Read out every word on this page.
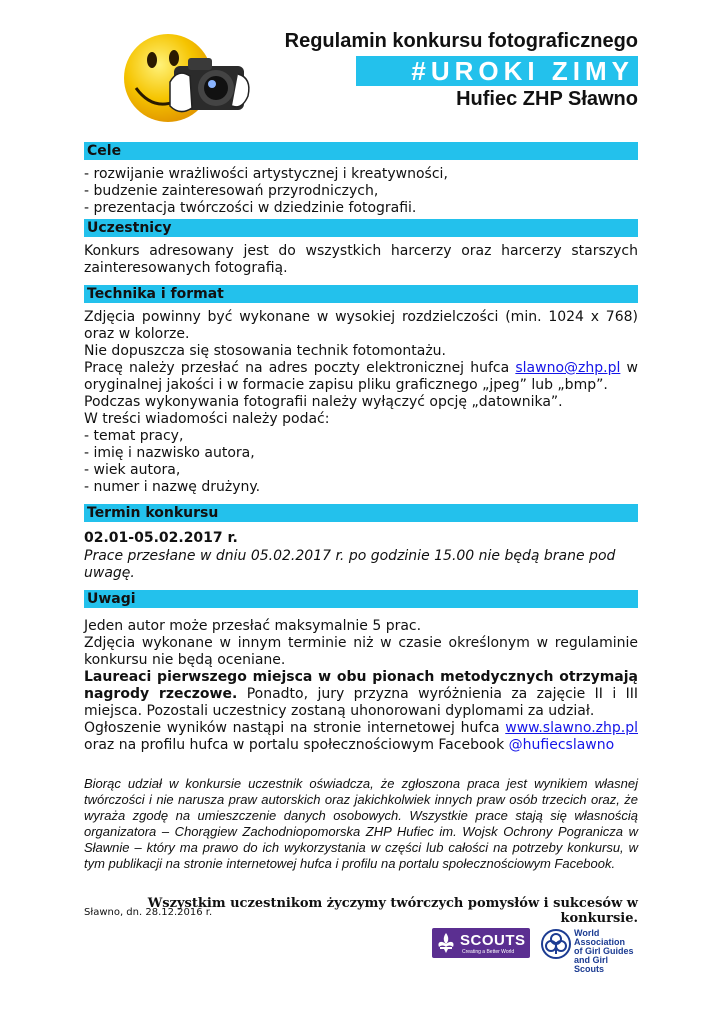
Regulamin konkursu fotograficznego
#UROKI ZIMY
Hufiec ZHP Sławno
Cele
- rozwijanie wrażliwości artystycznej i kreatywności,
- budzenie zainteresowań przyrodniczych,
- prezentacja twórczości w dziedzinie fotografii.
Uczestnicy
Konkurs adresowany jest do wszystkich harcerzy oraz harcerzy starszych zainteresowanych fotografią.
Technika i format
Zdjęcia powinny być wykonane w wysokiej rozdzielczości (min. 1024 x 768) oraz w kolorze.
Nie dopuszcza się stosowania technik fotomontażu.
Pracę należy przesłać na adres poczty elektronicznej hufca slawno@zhp.pl w oryginalnej jakości i w formacie zapisu pliku graficznego „jpeg” lub „bmp”.
Podczas wykonywania fotografii należy wyłączyć opcję „datownika”.
W treści wiadomości należy podać:
- temat pracy,
- imię i nazwisko autora,
- wiek autora,
- numer i nazwę drużyny.
Termin konkursu
02.01-05.02.2017 r.
Prace przesłane w dniu 05.02.2017 r. po godzinie 15.00 nie będą brane pod uwagę.
Uwagi
Jeden autor może przesłać maksymalnie 5 prac.
Zdjęcia wykonane w innym terminie niż w czasie określonym w regulaminie konkursu nie będą oceniane.
Laureaci pierwszego miejsca w obu pionach metodycznych otrzymają nagrody rzeczowe. Ponadto, jury przyzna wyróżnienia za zajęcie II i III miejsca. Pozostali uczestnicy zostaną uhonorowani dyplomami za udział.
Ogłoszenie wyników nastąpi na stronie internetowej hufca www.slawno.zhp.pl oraz na profilu hufca w portalu społecznościowym Facebook @hufiecslawno
Biorąc udział w konkursie uczestnik oświadcza, że zgłoszona praca jest wynikiem własnej twórczości i nie narusza praw autorskich oraz jakichkolwiek innych praw osób trzecich oraz, że wyraża zgodę na umieszczenie danych osobowych. Wszystkie prace stają się własnością organizatora – Chorągiew Zachodniopomorska ZHP Hufiec im. Wojsk Ochrony Pogranicza w Sławnie – który ma prawo do ich wykorzystania w części lub całości na potrzeby konkursu, w tym publikacji na stronie internetowej hufca i profilu na portalu społecznościowym Facebook.
Wszystkim uczestnikom życzymy twórczych pomysłów i sukcesów w konkursie.
Sławno, dn. 28.12.2016 r.
SCOUTS
Creating a Better World
World Association
of Girl Guides
and Girl Scouts
